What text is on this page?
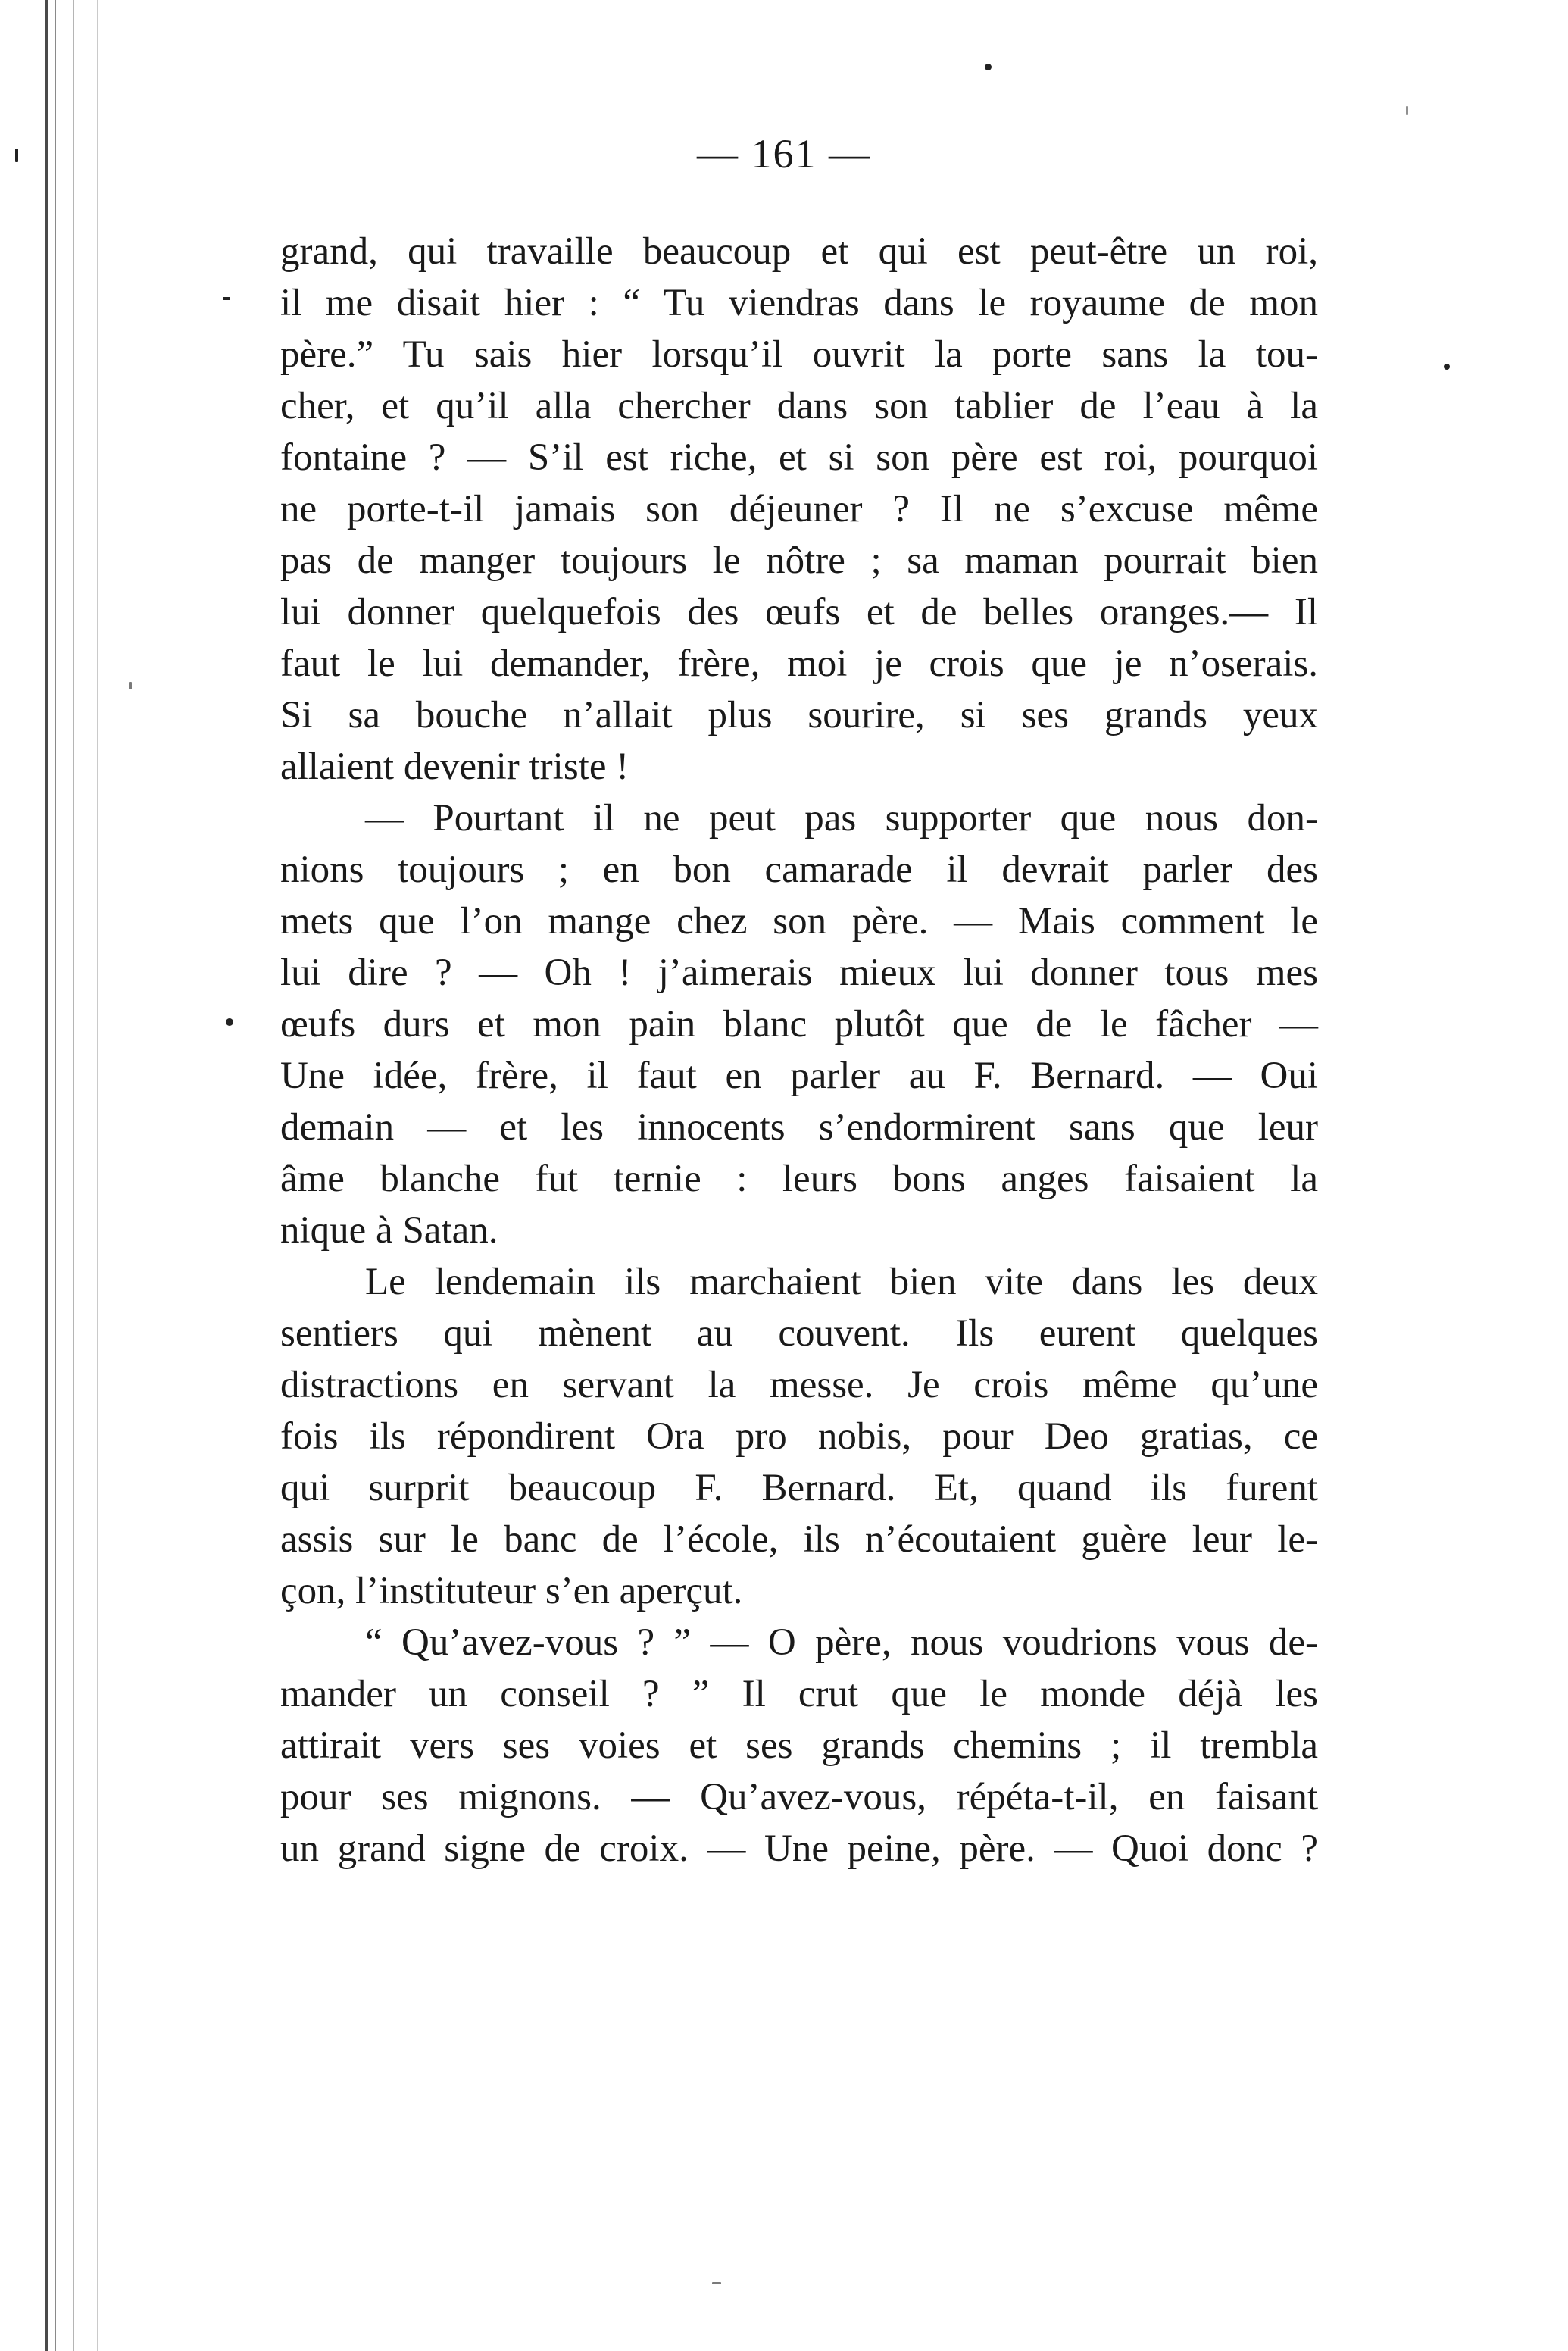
— 161 —
grand, qui travaille beaucoup et qui est peut-être un roi,
il me disait hier : “ Tu viendras dans le royaume de mon
père.” Tu sais hier lorsqu’il ouvrit la porte sans la tou-
cher, et qu’il alla chercher dans son tablier de l’eau à la
fontaine ? — S’il est riche, et si son père est roi, pourquoi
ne porte-t-il jamais son déjeuner ? Il ne s’excuse même
pas de manger toujours le nôtre ; sa maman pourrait bien
lui donner quelquefois des œufs et de belles oranges.— Il
faut le lui demander, frère, moi je crois que je n’oserais.
Si sa bouche n’allait plus sourire, si ses grands yeux
allaient devenir triste !
— Pourtant il ne peut pas supporter que nous don-
nions toujours ; en bon camarade il devrait parler des
mets que l’on mange chez son père. — Mais comment le
lui dire ? — Oh ! j’aimerais mieux lui donner tous mes
œufs durs et mon pain blanc plutôt que de le fâcher —
Une idée, frère, il faut en parler au F. Bernard. — Oui
demain — et les innocents s’endormirent sans que leur
âme blanche fut ternie : leurs bons anges faisaient la
nique à Satan.
Le lendemain ils marchaient bien vite dans les deux
sentiers qui mènent au couvent. Ils eurent quelques
distractions en servant la messe. Je crois même qu’une
fois ils répondirent Ora pro nobis, pour Deo gratias, ce
qui surprit beaucoup F. Bernard. Et, quand ils furent
assis sur le banc de l’école, ils n’écoutaient guère leur le-
çon, l’instituteur s’en aperçut.
“ Qu’avez-vous ? ” — O père, nous voudrions vous de-
mander un conseil ? ” Il crut que le monde déjà les
attirait vers ses voies et ses grands chemins ; il trembla
pour ses mignons. — Qu’avez-vous, répéta-t-il, en faisant
un grand signe de croix. — Une peine, père. — Quoi donc ?
